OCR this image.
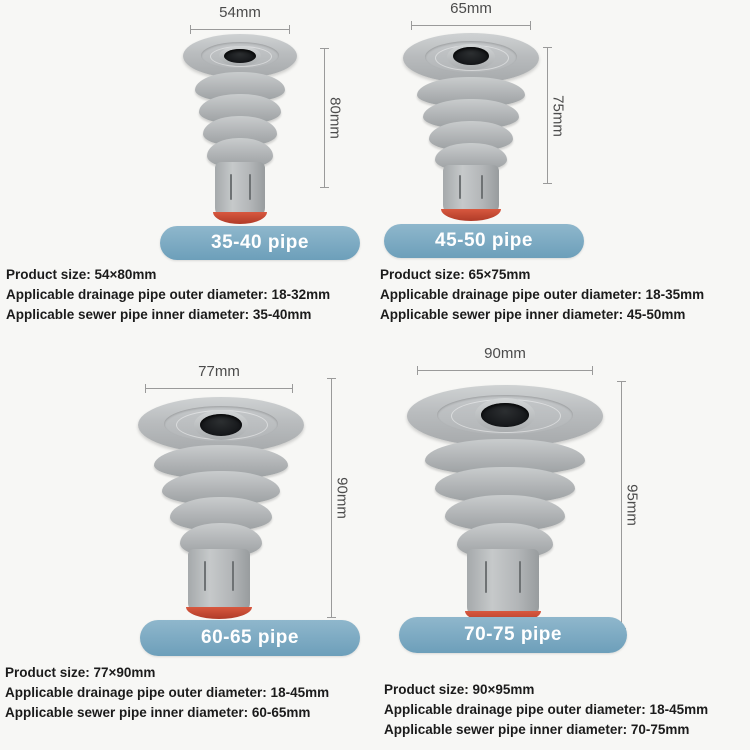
54mm
80mm
35-40 pipe
Product size: 54×80mm
Applicable drainage pipe outer diameter: 18-32mm
Applicable sewer pipe inner diameter: 35-40mm
65mm
75mm
45-50 pipe
Product size: 65×75mm
Applicable drainage pipe outer diameter: 18-35mm
Applicable sewer pipe inner diameter: 45-50mm
77mm
90mm
60-65 pipe
Product size: 77×90mm
Applicable drainage pipe outer diameter: 18-45mm
Applicable sewer pipe inner diameter: 60-65mm
90mm
95mm
70-75 pipe
Product size: 90×95mm
Applicable drainage pipe outer diameter: 18-45mm
Applicable sewer pipe inner diameter: 70-75mm
